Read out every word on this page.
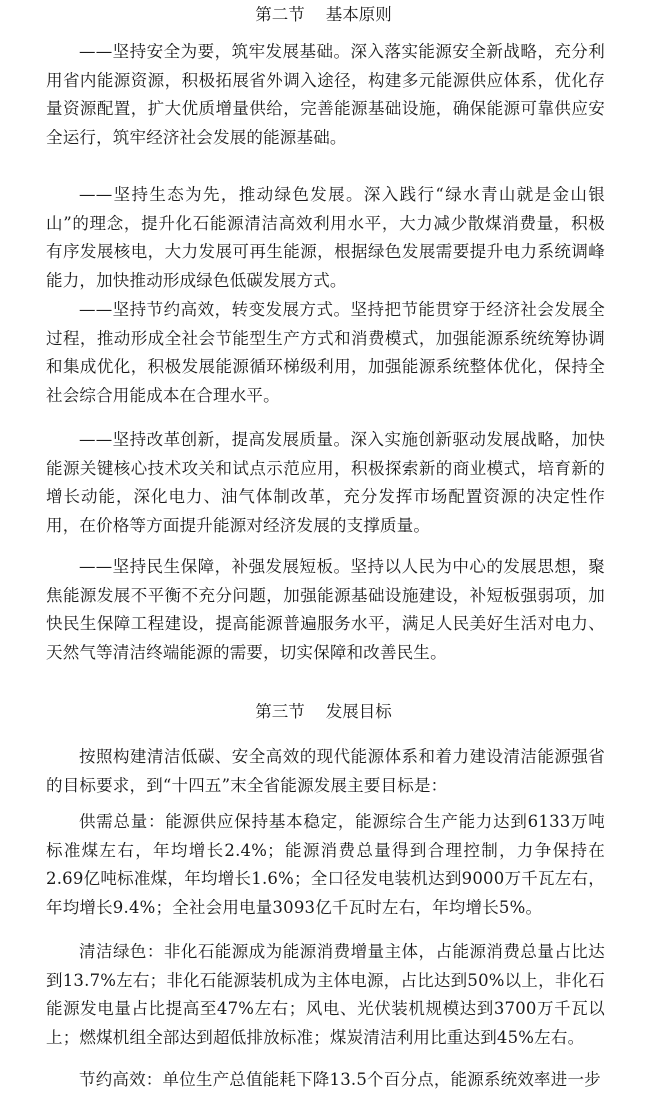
第二节    基本原则

——坚持安全为要，筑牢发展基础。深入落实能源安全新战略，充分利用省内能源资源，积极拓展省外调入途径，构建多元能源供应体系，优化存量资源配置，扩大优质增量供给，完善能源基础设施，确保能源可靠供应安全运行，筑牢经济社会发展的能源基础。

——坚持生态为先，推动绿色发展。深入践行“绿水青山就是金山银山”的理念，提升化石能源清洁高效利用水平，大力减少散煤消费量，积极有序发展核电，大力发展可再生能源，根据绿色发展需要提升电力系统调峰能力，加快推动形成绿色低碳发展方式。

——坚持节约高效，转变发展方式。坚持把节能贯穿于经济社会发展全过程，推动形成全社会节能型生产方式和消费模式，加强能源系统统筹协调和集成优化，积极发展能源循环梯级利用，加强能源系统整体优化，保持全社会综合用能成本在合理水平。

——坚持改革创新，提高发展质量。深入实施创新驱动发展战略，加快能源关键核心技术攻关和试点示范应用，积极探索新的商业模式，培育新的增长动能，深化电力、油气体制改革，充分发挥市场配置资源的决定性作用，在价格等方面提升能源对经济发展的支撑质量。

——坚持民生保障，补强发展短板。坚持以人民为中心的发展思想，聚焦能源发展不平衡不充分问题，加强能源基础设施建设，补短板强弱项，加快民生保障工程建设，提高能源普遍服务水平，满足人民美好生活对电力、天然气等清洁终端能源的需要，切实保障和改善民生。

第三节    发展目标

按照构建清洁低碳、安全高效的现代能源体系和着力建设清洁能源强省的目标要求，到“十四五”末全省能源发展主要目标是：

供需总量：能源供应保持基本稳定，能源综合生产能力达到6133万吨标准煤左右，年均增长2.4%；能源消费总量得到合理控制，力争保持在2.69亿吨标准煤，年均增长1.6%；全口径发电装机达到9000万千瓦左右，年均增长9.4%；全社会用电量3093亿千瓦时左右，年均增长5%。

清洁绿色：非化石能源成为能源消费增量主体，占能源消费总量占比达到13.7%左右；非化石能源装机成为主体电源，占比达到50%以上，非化石能源发电量占比提高至47%左右；风电、光伏装机规模达到3700万千瓦以上；燃煤机组全部达到超低排放标准；煤炭清洁利用比重达到45%左右。

节约高效：单位生产总值能耗下降13.5个百分点，能源系统效率进一步
